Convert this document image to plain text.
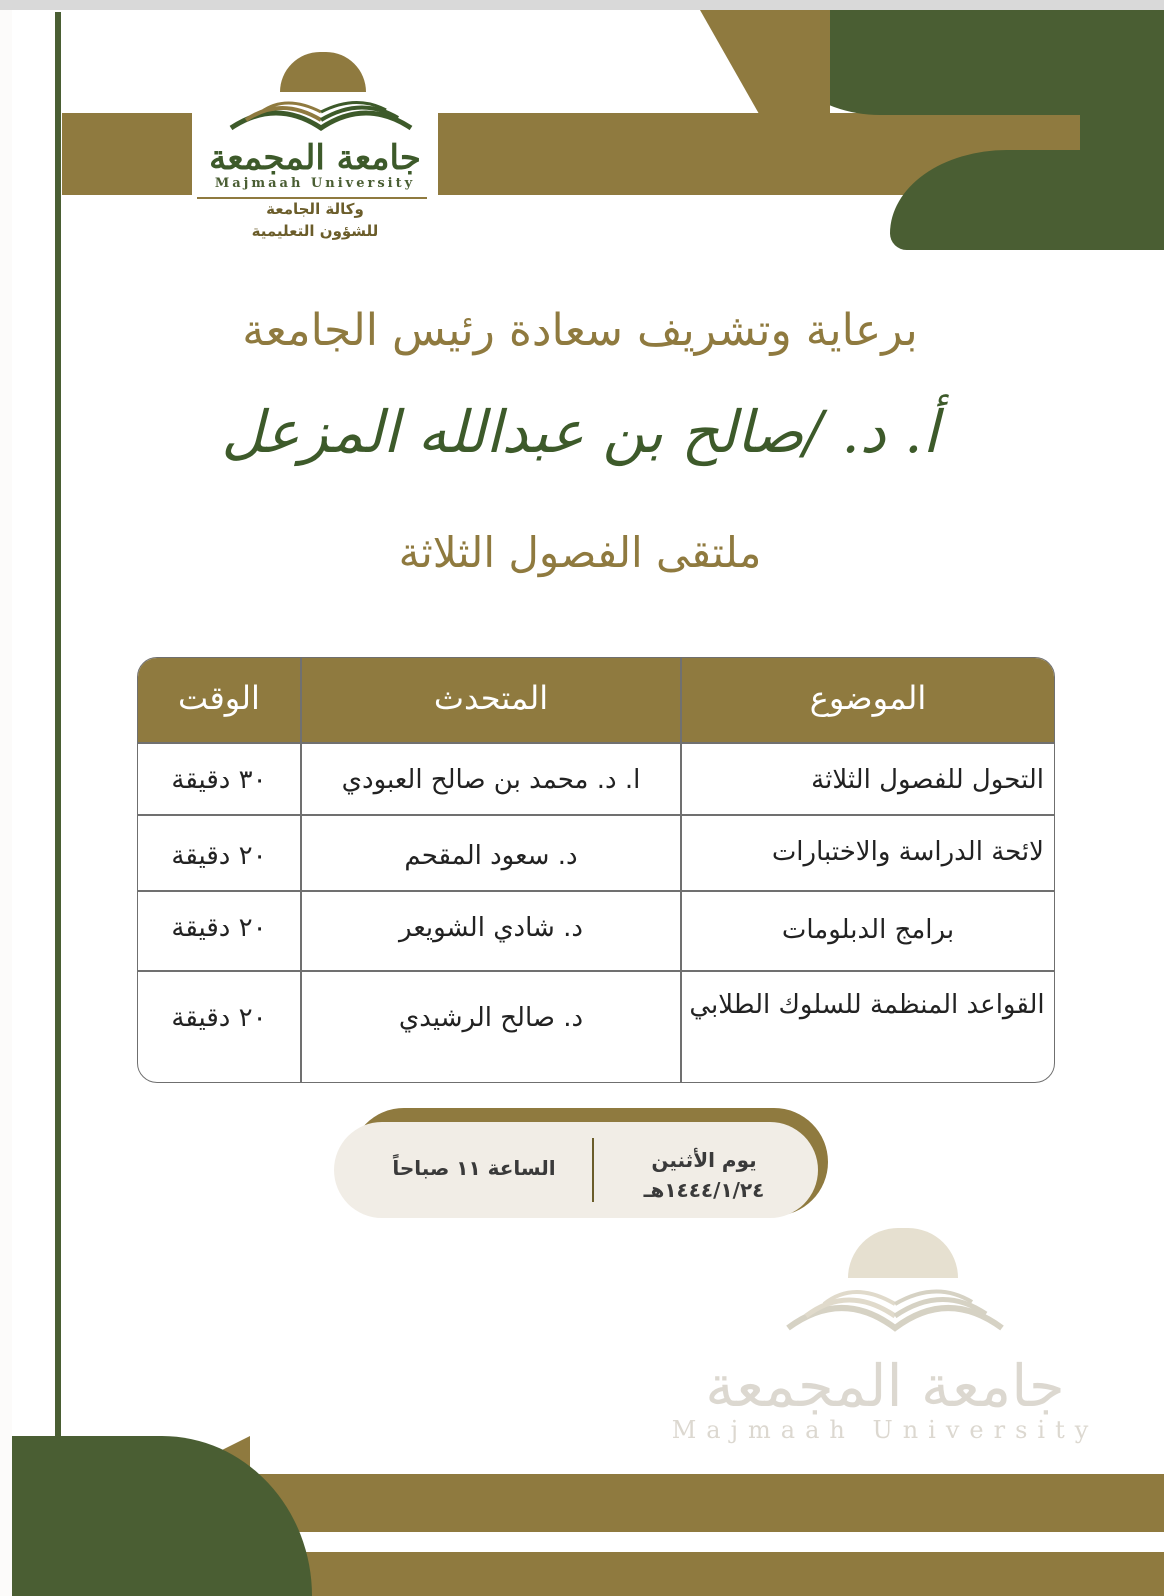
جامعة المجمعة
Majmaah University
وكالة الجامعة
للشؤون التعليمية
برعاية وتشريف سعادة رئيس الجامعة
أ. د. /صالح بن عبدالله المزعل
ملتقى الفصول الثلاثة
الموضوع
المتحدث
الوقت
التحول للفصول الثلاثة
ا. د. محمد بن صالح العبودي
٣٠ دقيقة
لائحة الدراسة والاختبارات
د. سعود المقحم
٢٠ دقيقة
برامج الدبلومات
د. شادي الشويعر
٢٠ دقيقة
القواعد المنظمة للسلوك الطلابي
د. صالح الرشيدي
٢٠ دقيقة
يوم الأثنين
١٤٤٤/١/٢٤هـ
الساعة ١١ صباحاً
جامعة المجمعة
Majmaah University
